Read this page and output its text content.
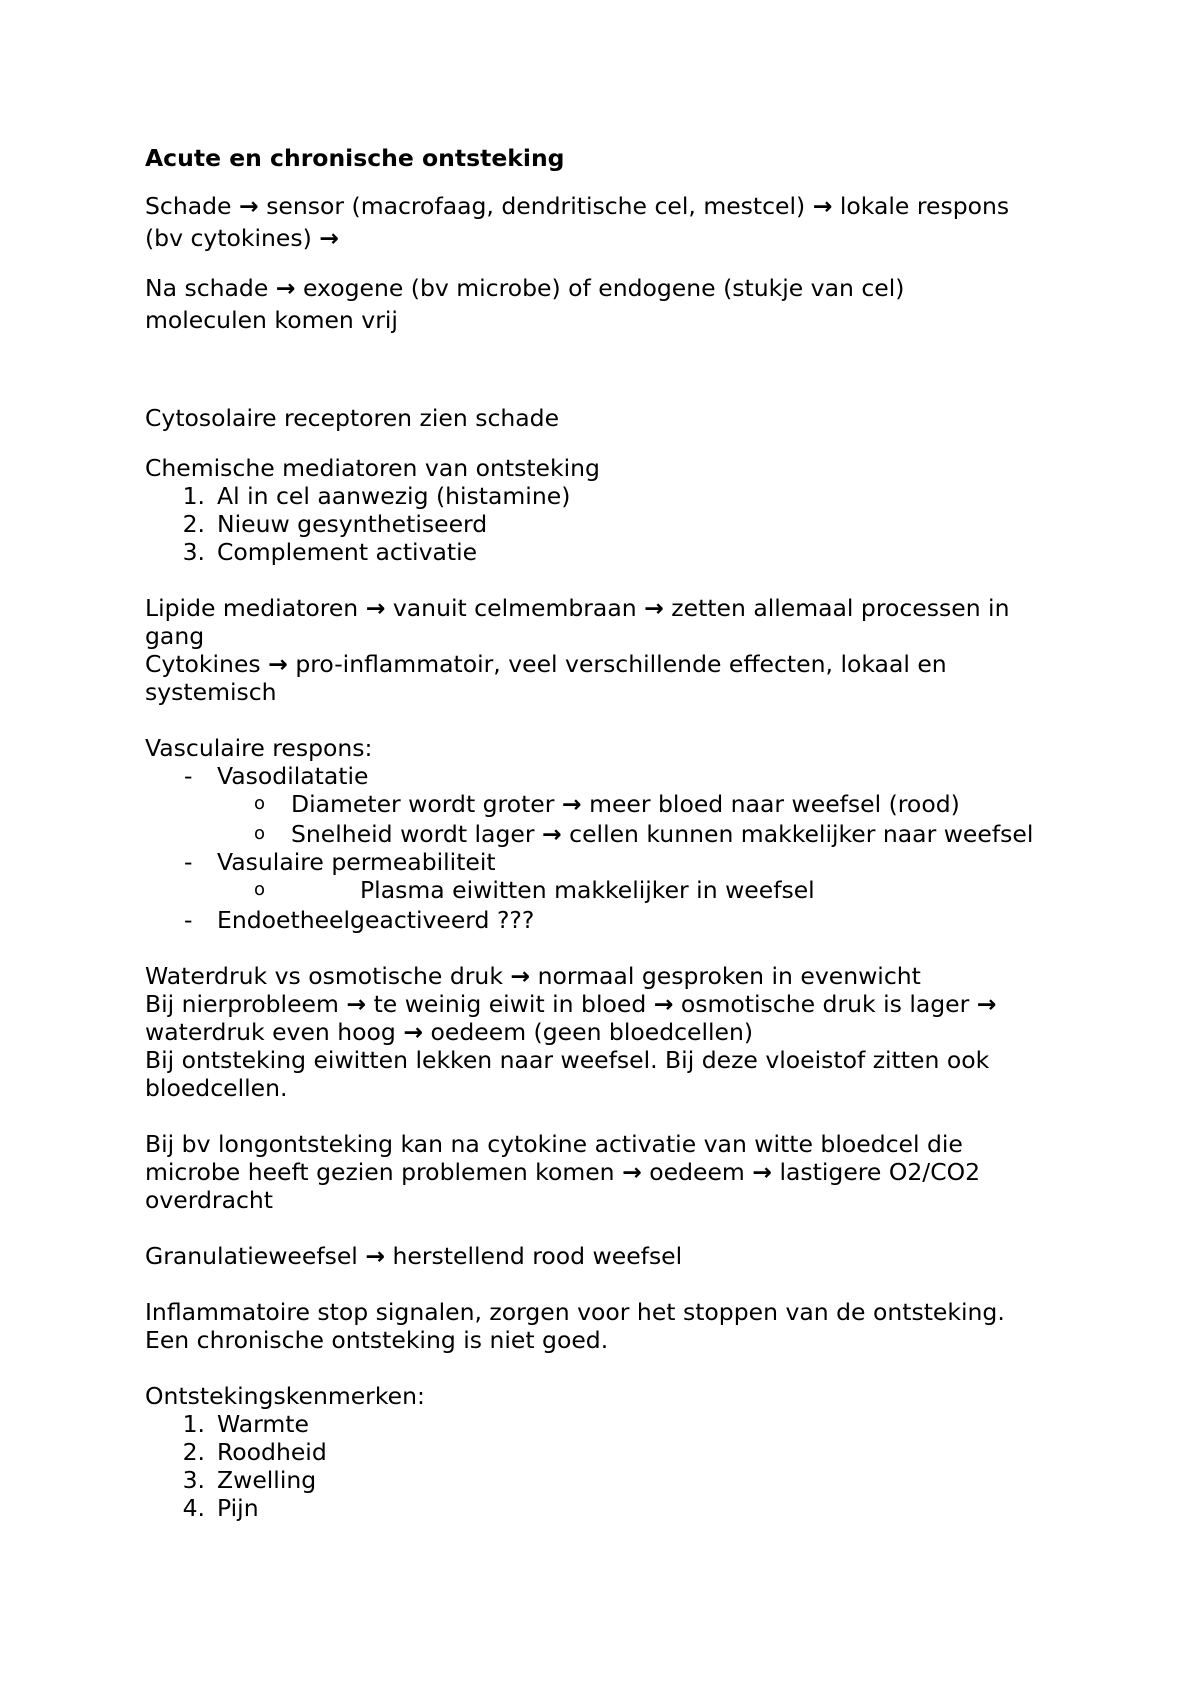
Acute en chronische ontsteking
Schade → sensor (macrofaag, dendritische cel, mestcel) → lokale respons
(bv cytokines) →
Na schade → exogene (bv microbe) of endogene (stukje van cel)
moleculen komen vrij
Cytosolaire receptoren zien schade
Chemische mediatoren van ontsteking
1. Al in cel aanwezig (histamine)
2. Nieuw gesynthetiseerd
3. Complement activatie
Lipide mediatoren → vanuit celmembraan → zetten allemaal processen in
gang
Cytokines → pro-inflammatoir, veel verschillende effecten, lokaal en
systemisch
Vasculaire respons:
- Vasodilatatie
o Diameter wordt groter → meer bloed naar weefsel (rood)
o Snelheid wordt lager → cellen kunnen makkelijker naar weefsel
- Vasulaire permeabiliteit
o	Plasma eiwitten makkelijker in weefsel
- Endoetheelgeactiveerd ???
Waterdruk vs osmotische druk → normaal gesproken in evenwicht
Bij nierprobleem → te weinig eiwit in bloed → osmotische druk is lager →
waterdruk even hoog → oedeem (geen bloedcellen)
Bij ontsteking eiwitten lekken naar weefsel. Bij deze vloeistof zitten ook
bloedcellen.
Bij bv longontsteking kan na cytokine activatie van witte bloedcel die
microbe heeft gezien problemen komen → oedeem → lastigere O2/CO2
overdracht
Granulatieweefsel → herstellend rood weefsel
Inflammatoire stop signalen, zorgen voor het stoppen van de ontsteking.
Een chronische ontsteking is niet goed.
Ontstekingskenmerken:
1. Warmte
2. Roodheid
3. Zwelling
4. Pijn
